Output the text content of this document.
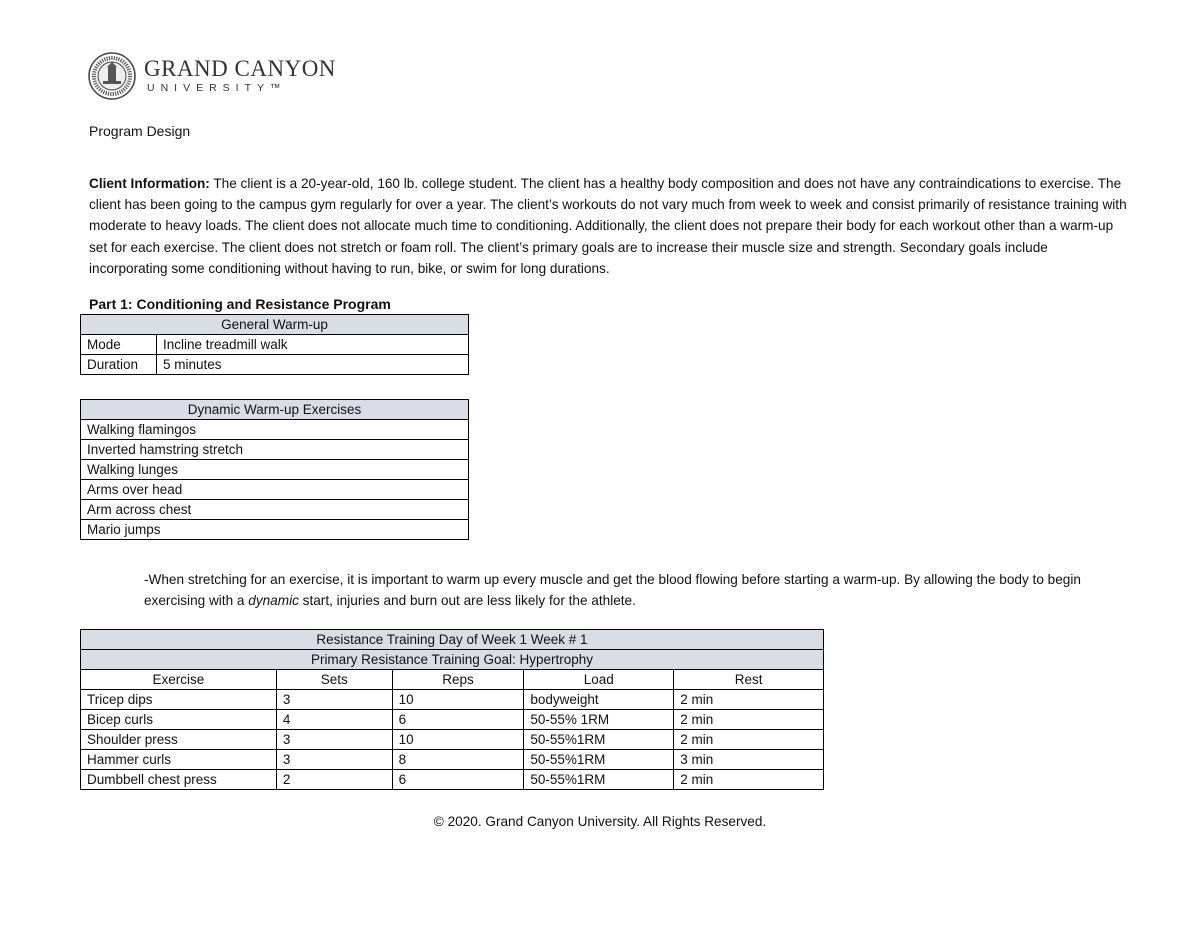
GRAND CANYON
UNIVERSITY™
Program Design
Client Information: The client is a 20-year-old, 160 lb. college student. The client has a healthy body composition and does not have any contraindications to exercise. The client has been going to the campus gym regularly for over a year. The client’s workouts do not vary much from week to week and consist primarily of resistance training with moderate to heavy loads. The client does not allocate much time to conditioning. Additionally, the client does not prepare their body for each workout other than a warm-up set for each exercise. The client does not stretch or foam roll. The client’s primary goals are to increase their muscle size and strength. Secondary goals include incorporating some conditioning without having to run, bike, or swim for long durations.
Part 1: Conditioning and Resistance Program
General Warm-up	
Mode	Incline treadmill walk
Duration	5 minutes
Dynamic Warm-up Exercises
Walking flamingos
Inverted hamstring stretch
Walking lunges
Arms over head
Arm across chest
Mario jumps
-When stretching for an exercise, it is important to warm up every muscle and get the blood flowing before starting a warm-up. By allowing the body to begin exercising with a dynamic start, injuries and burn out are less likely for the athlete.
Resistance Training Day of Week 1 Week # 1				
Primary Resistance Training Goal: Hypertrophy				
Exercise	Sets	Reps	Load	Rest
Tricep dips	3	10	bodyweight	2 min
Bicep curls	4	6	50-55% 1RM	2 min
Shoulder press	3	10	50-55%1RM	2 min
Hammer curls	3	8	50-55%1RM	3 min
Dumbbell chest press	2	6	50-55%1RM	2 min
© 2020. Grand Canyon University. All Rights Reserved.
